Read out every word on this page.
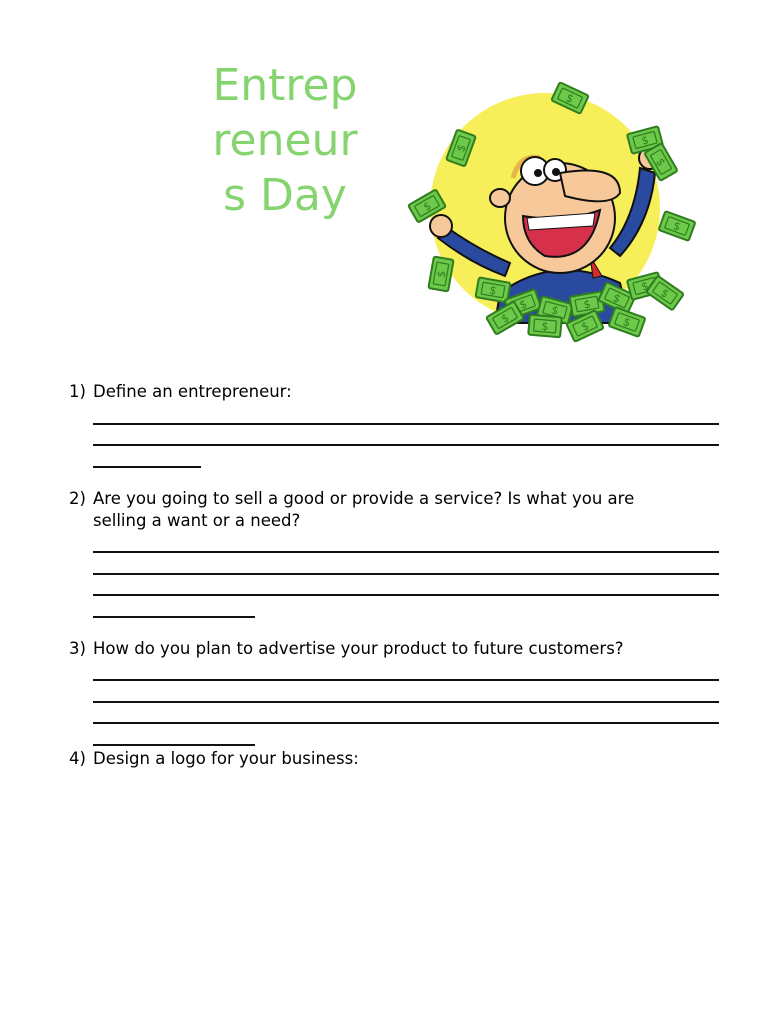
Entrep
reneur
s Day
$
1) Define an entrepreneur:
2) Are you going to sell a good or provide a service? Is what you are
selling a want or a need?
3) How do you plan to advertise your product to future customers?
4) Design a logo for your business:
